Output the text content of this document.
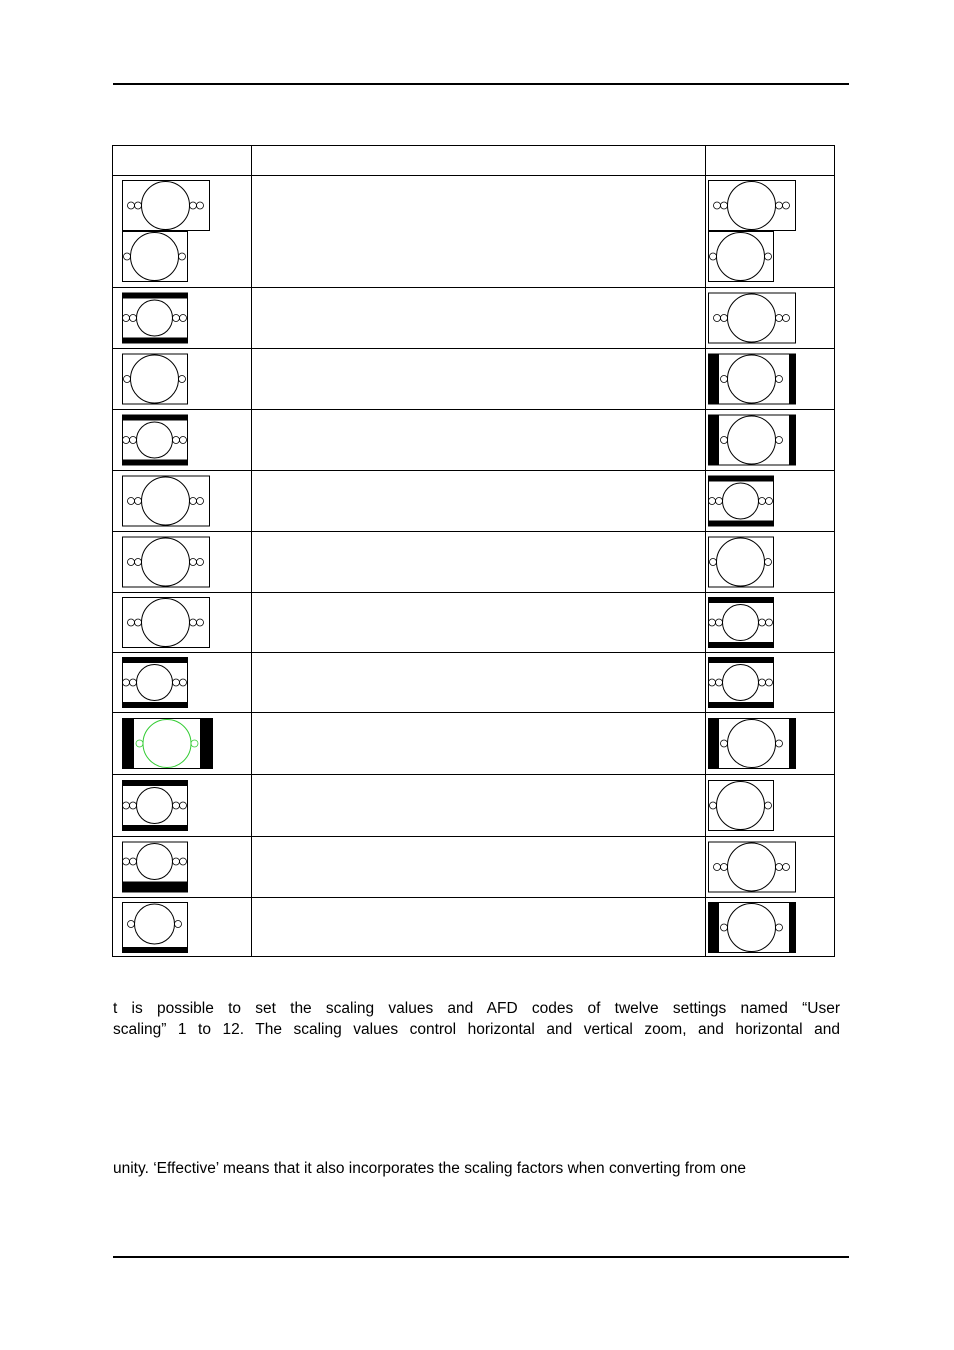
t is possible to set the scaling values and AFD codes of twelve settings named “User
scaling” 1 to 12. The scaling values control horizontal and vertical zoom, and horizontal and
unity. ‘Effective’ means that it also incorporates the scaling factors when converting from one
